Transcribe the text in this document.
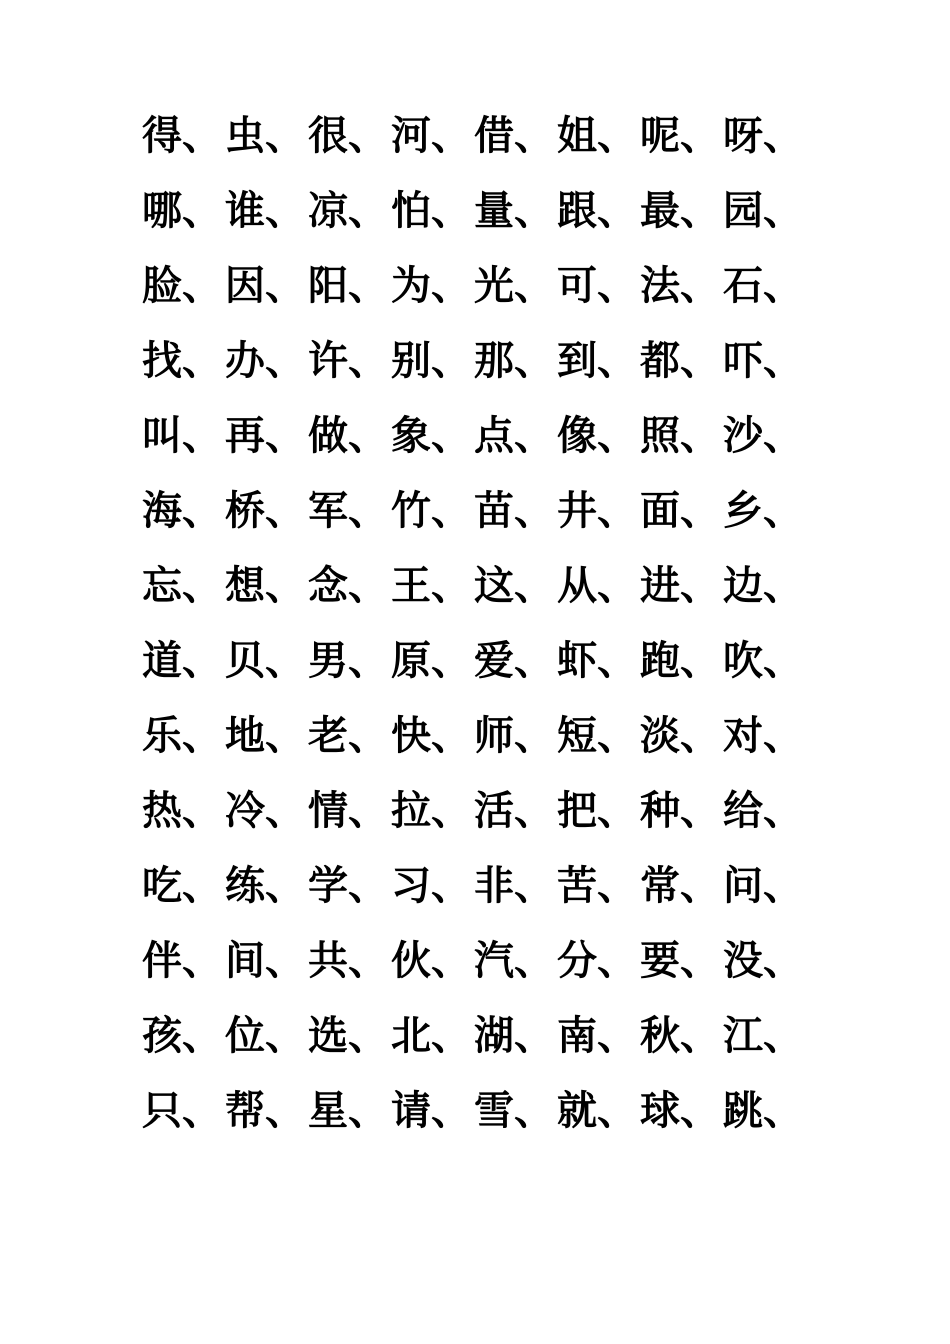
得、 虫、 很、 河、 借、 姐、 呢、 呀、
哪、 谁、 凉、 怕、 量、 跟、 最、 园、
脸、 因、 阳、 为、 光、 可、 法、 石、
找、 办、 许、 别、 那、 到、 都、 吓、
叫、 再、 做、 象、 点、 像、 照、 沙、
海、 桥、 军、 竹、 苗、 井、 面、 乡、
忘、 想、 念、 王、 这、 从、 进、 边、
道、 贝、 男、 原、 爱、 虾、 跑、 吹、
乐、 地、 老、 快、 师、 短、 淡、 对、
热、 冷、 情、 拉、 活、 把、 种、 给、
吃、 练、 学、 习、 非、 苦、 常、 问、
伴、 间、 共、 伙、 汽、 分、 要、 没、
孩、 位、 选、 北、 湖、 南、 秋、 江、
只、 帮、 星、 请、 雪、 就、 球、 跳、
